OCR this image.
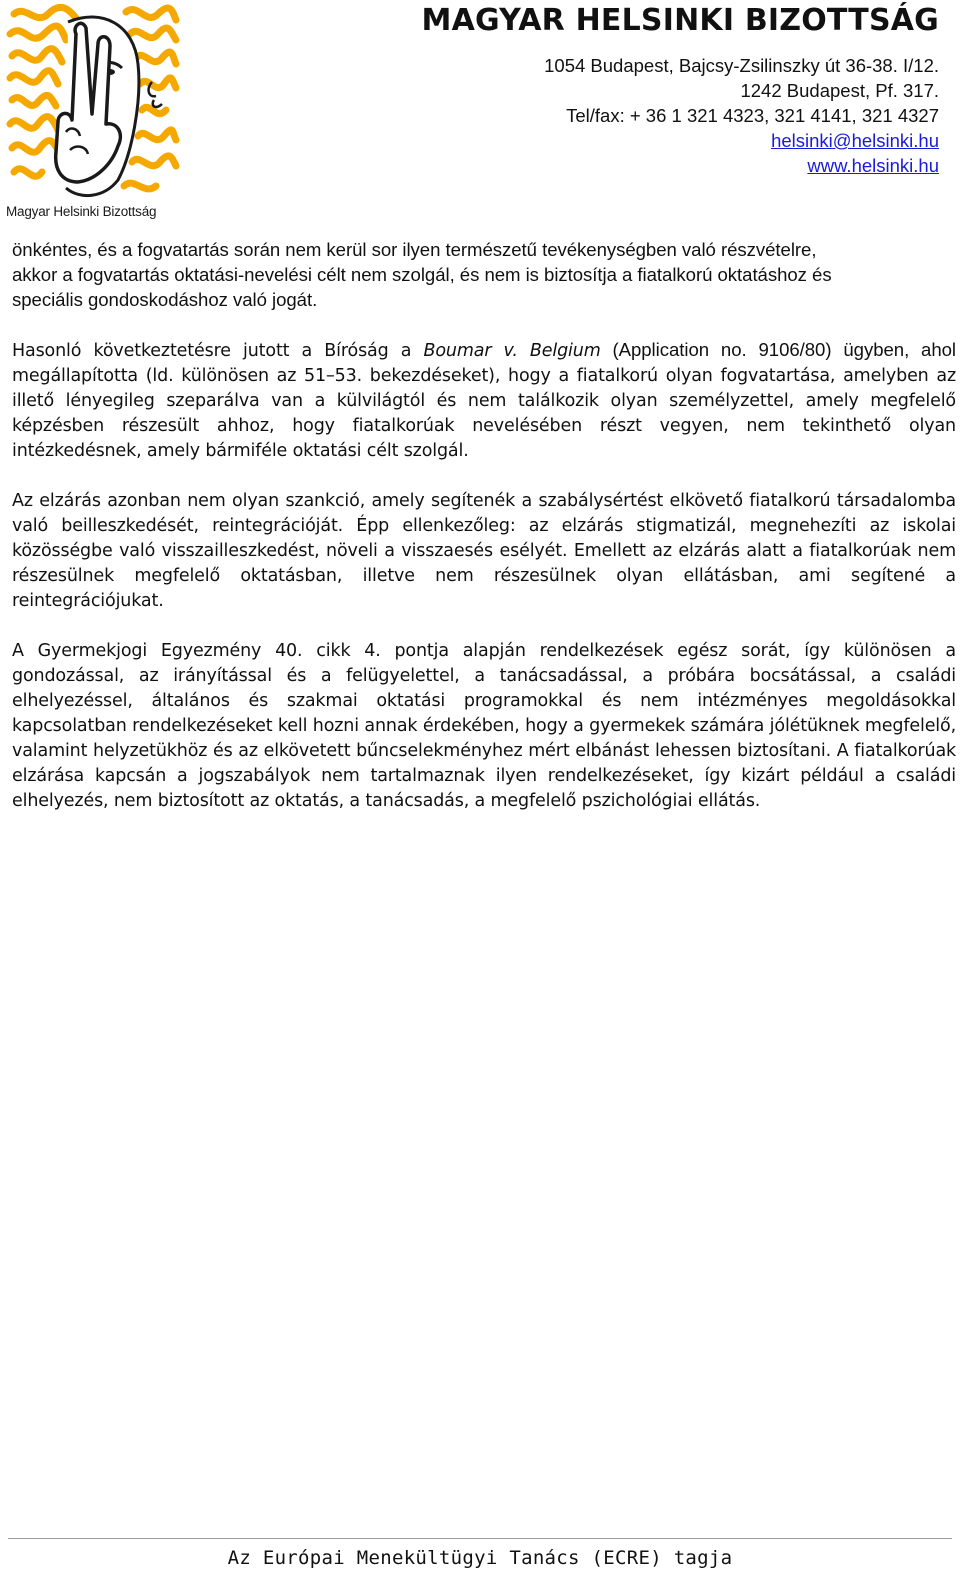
Magyar Helsinki Bizottság
MAGYAR HELSINKI BIZOTTSÁG
1054 Budapest, Bajcsy-Zsilinszky út 36-38. I/12.
1242 Budapest, Pf. 317.
Tel/fax: + 36 1 321 4323, 321 4141, 321 4327
helsinki@helsinki.hu
www.helsinki.hu

önkéntes, és a fogvatartás során nem kerül sor ilyen természetű tevékenységben való részvételre,
akkor a fogvatartás oktatási-nevelési célt nem szolgál, és nem is biztosítja a fiatalkorú oktatáshoz és
speciális gondoskodáshoz való jogát.

Hasonló következtetésre jutott a Bíróság a Boumar v. Belgium (Application no. 9106/80) ügyben, ahol megállapította (ld. különösen az 51–53. bekezdéseket), hogy a fiatalkorú olyan fogvatartása, amelyben az illető lényegileg szeparálva van a külvilágtól és nem találkozik olyan személyzettel, amely megfelelő képzésben részesült ahhoz, hogy fiatalkorúak nevelésében részt vegyen, nem tekinthető olyan intézkedésnek, amely bármiféle oktatási célt szolgál.

Az elzárás azonban nem olyan szankció, amely segítenék a szabálysértést elkövető fiatalkorú társadalomba való beilleszkedését, reintegrációját. Épp ellenkezőleg: az elzárás stigmatizál, megnehezíti az iskolai közösségbe való visszailleszkedést, növeli a visszaesés esélyét. Emellett az elzárás alatt a fiatalkorúak nem részesülnek megfelelő oktatásban, illetve nem részesülnek olyan ellátásban, ami segítené a reintegrációjukat.

A Gyermekjogi Egyezmény 40. cikk 4. pontja alapján rendelkezések egész sorát, így különösen a gondozással, az irányítással és a felügyelettel, a tanácsadással, a próbára bocsátással, a családi elhelyezéssel, általános és szakmai oktatási programokkal és nem intézményes megoldásokkal kapcsolatban rendelkezéseket kell hozni annak érdekében, hogy a gyermekek számára jólétüknek megfelelő, valamint helyzetükhöz és az elkövetett bűncselekményhez mért elbánást lehessen biztosítani. A fiatalkorúak elzárása kapcsán a jogszabályok nem tartalmaznak ilyen rendelkezéseket, így kizárt például a családi elhelyezés, nem biztosított az oktatás, a tanácsadás, a megfelelő pszichológiai ellátás.

Az Európai Menekültügyi Tanács (ECRE) tagja
